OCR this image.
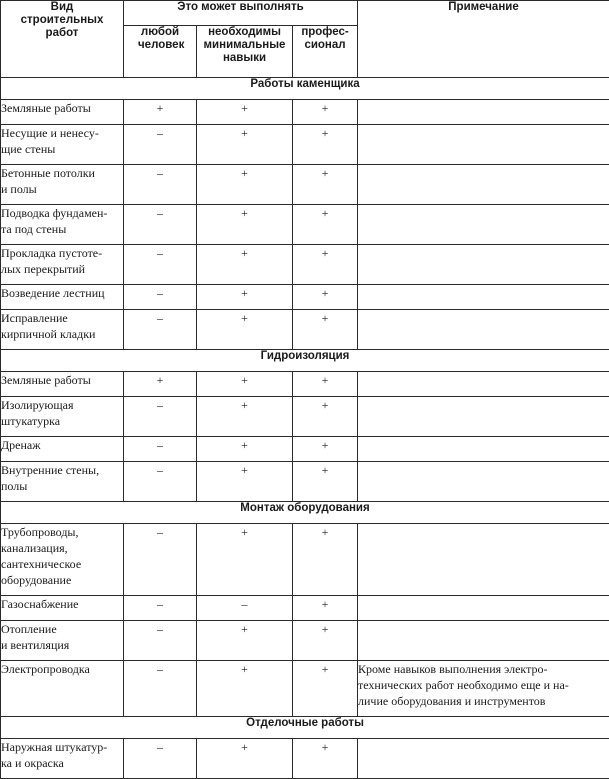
Вид строительных работ	Это может выполнять			Примечание
	любой человек	необходимы минимальные навыки	профес-
сионал	
Работы каменщика				
Земляные работы	+	+	+	
Несущие и ненесу-
щие стены	–	+	+	
Бетонные потолки
и полы	–	+	+	
Подводка фундамен-
та под стены	–	+	+	
Прокладка пустоте-
лых перекрытий	–	+	+	
Возведение лестниц	–	+	+	
Исправление
кирпичной кладки	–	+	+	
Гидроизоляция				
Земляные работы	+	+	+	
Изолирующая
штукатурка	–	+	+	
Дренаж	–	+	+	
Внутренние стены,
полы	–	+	+	
Монтаж оборудования				
Трубопроводы,
канализация,
сантехническое
оборудование	–	+	+	
Газоснабжение	–	–	+	
Отопление
и вентиляция	–	+	+	
Электропроводка	–	+	+	Кроме навыков выполнения электро-
технических работ необходимо еще и на-
личие оборудования и инструментов
Отделочные работы				
Наружная штукатур-
ка и окраска	–	+	+	
